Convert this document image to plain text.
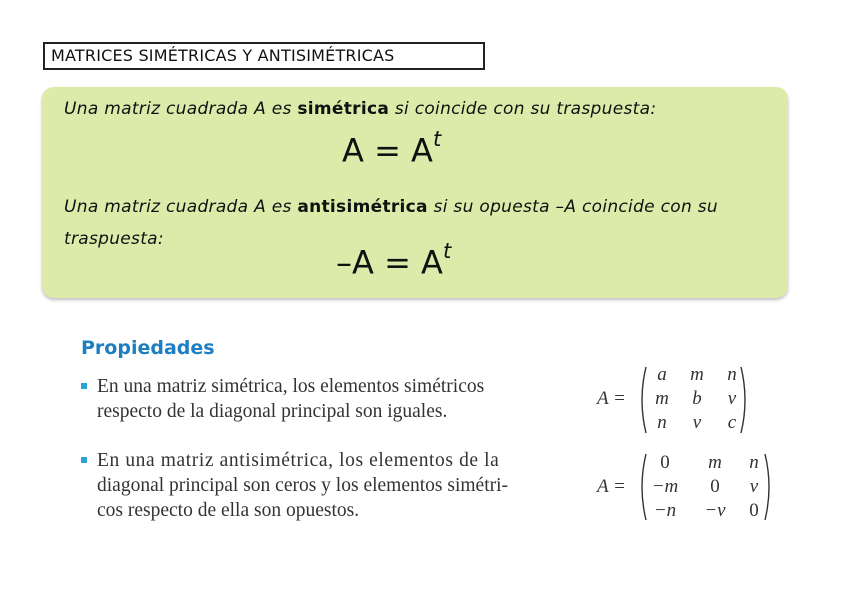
MATRICES SIMÉTRICAS Y ANTISIMÉTRICAS
Una matriz cuadrada A es simétrica si coincide con su traspuesta:
$A = A^t$
Una matriz cuadrada A es antisimétrica si su opuesta –A coincide con su
traspuesta:
$-A = A^t$
Propiedades
En una matriz simétrica, los elementos simétricos
respecto de la diagonal principal son iguales.
En una matriz antisimétrica, los elementos de la
diagonal principal son ceros y los elementos simétri-
cos respecto de ella son opuestos.
A =
a	m	n
m	b	v
n	v	c
A =
0	m	n
−m	0	v
−n	−v	0
